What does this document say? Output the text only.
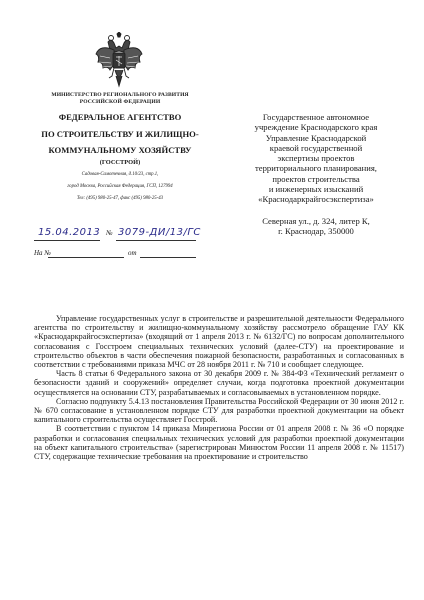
МИНИСТЕРСТВО РЕГИОНАЛЬНОГО РАЗВИТИЯ
РОССИЙСКОЙ ФЕДЕРАЦИИ
ФЕДЕРАЛЬНОЕ АГЕНТСТВО
ПО СТРОИТЕЛЬСТВУ И ЖИЛИЩНО-
КОММУНАЛЬНОМУ ХОЗЯЙСТВУ
(ГОССТРОЙ)
Садовая-Самотечная, д.10/23, стр.1,
город Москва, Российская Федерация, ГСП, 127994
Тел: (495) 980-25-47, факс (495) 980-25-43
15.04.2013 № 3079-ДИ/13/ГС
На №	от
Государственное автономное
учреждение Краснодарского края
Управление Краснодарской
краевой государственной
экспертизы проектов
территориального планирования,
проектов строительства
и инженерных изысканий
«Краснодаркрайгосэкспертиза»
Северная ул., д. 324, литер К,
г. Краснодар, 350000

Управление государственных услуг в строительстве и разрешительной деятельности Федерального агентства по строительству и жилищно-коммунальному хозяйству рассмотрело обращение ГАУ КК «Краснодаркрайгосэкспертиза» (входящий от 1 апреля 2013 г. № 6132/ГС) по вопросам дополнительного согласования с Госстроем специальных технических условий (далее-СТУ) на проектирование и строительство объектов в части обеспечения пожарной безопасности, разработанных и согласованных в соответствии с требованиями приказа МЧС от 28 ноября 2011 г. № 710 и сообщает следующее.

Часть 8 статьи 6 Федерального закона от 30 декабря 2009 г. № 384-ФЗ «Технический регламент о безопасности зданий и сооружений» определяет случаи, когда подготовка проектной документации осуществляется на основании СТУ, разрабатываемых и согласовываемых в установленном порядке.

Согласно подпункту 5.4.13 постановления Правительства Российской Федерации от 30 июня 2012 г. № 670 согласование в установленном порядке СТУ для разработки проектной документации на объект капитального строительства осуществляет Госстрой.

В соответствии с пунктом 14 приказа Минрегиона России от 01 апреля 2008 г. № 36 «О порядке разработки и согласования специальных технических условий для разработки проектной документации на объект капитального строительства» (зарегистрирован Минюстом России 11 апреля 2008 г. № 11517) СТУ, содержащие технические требования на проектирование и строительство
